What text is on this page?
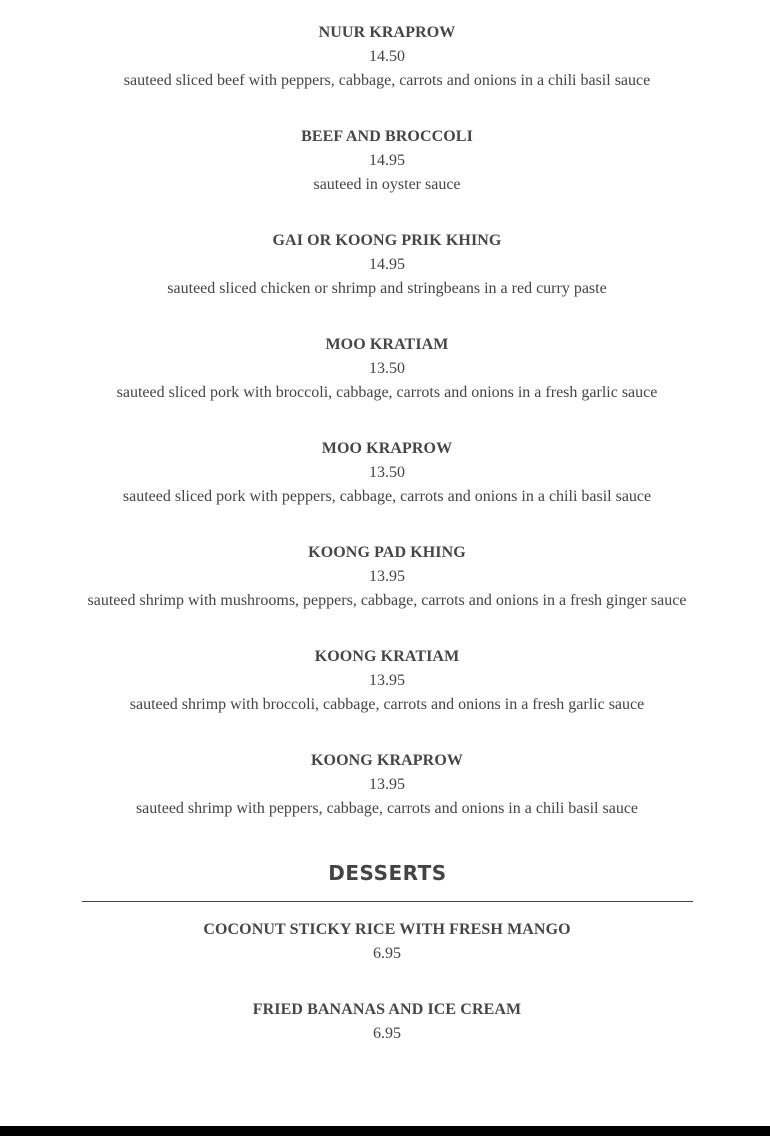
NUUR KRAPROW
14.50
sauteed sliced beef with peppers, cabbage, carrots and onions in a chili basil sauce
BEEF AND BROCCOLI
14.95
sauteed in oyster sauce
GAI OR KOONG PRIK KHING
14.95
sauteed sliced chicken or shrimp and stringbeans in a red curry paste
MOO KRATIAM
13.50
sauteed sliced pork with broccoli, cabbage, carrots and onions in a fresh garlic sauce
MOO KRAPROW
13.50
sauteed sliced pork with peppers, cabbage, carrots and onions in a chili basil sauce
KOONG PAD KHING
13.95
sauteed shrimp with mushrooms, peppers, cabbage, carrots and onions in a fresh ginger sauce
KOONG KRATIAM
13.95
sauteed shrimp with broccoli, cabbage, carrots and onions in a fresh garlic sauce
KOONG KRAPROW
13.95
sauteed shrimp with peppers, cabbage, carrots and onions in a chili basil sauce
DESSERTS
COCONUT STICKY RICE WITH FRESH MANGO
6.95
FRIED BANANAS AND ICE CREAM
6.95
